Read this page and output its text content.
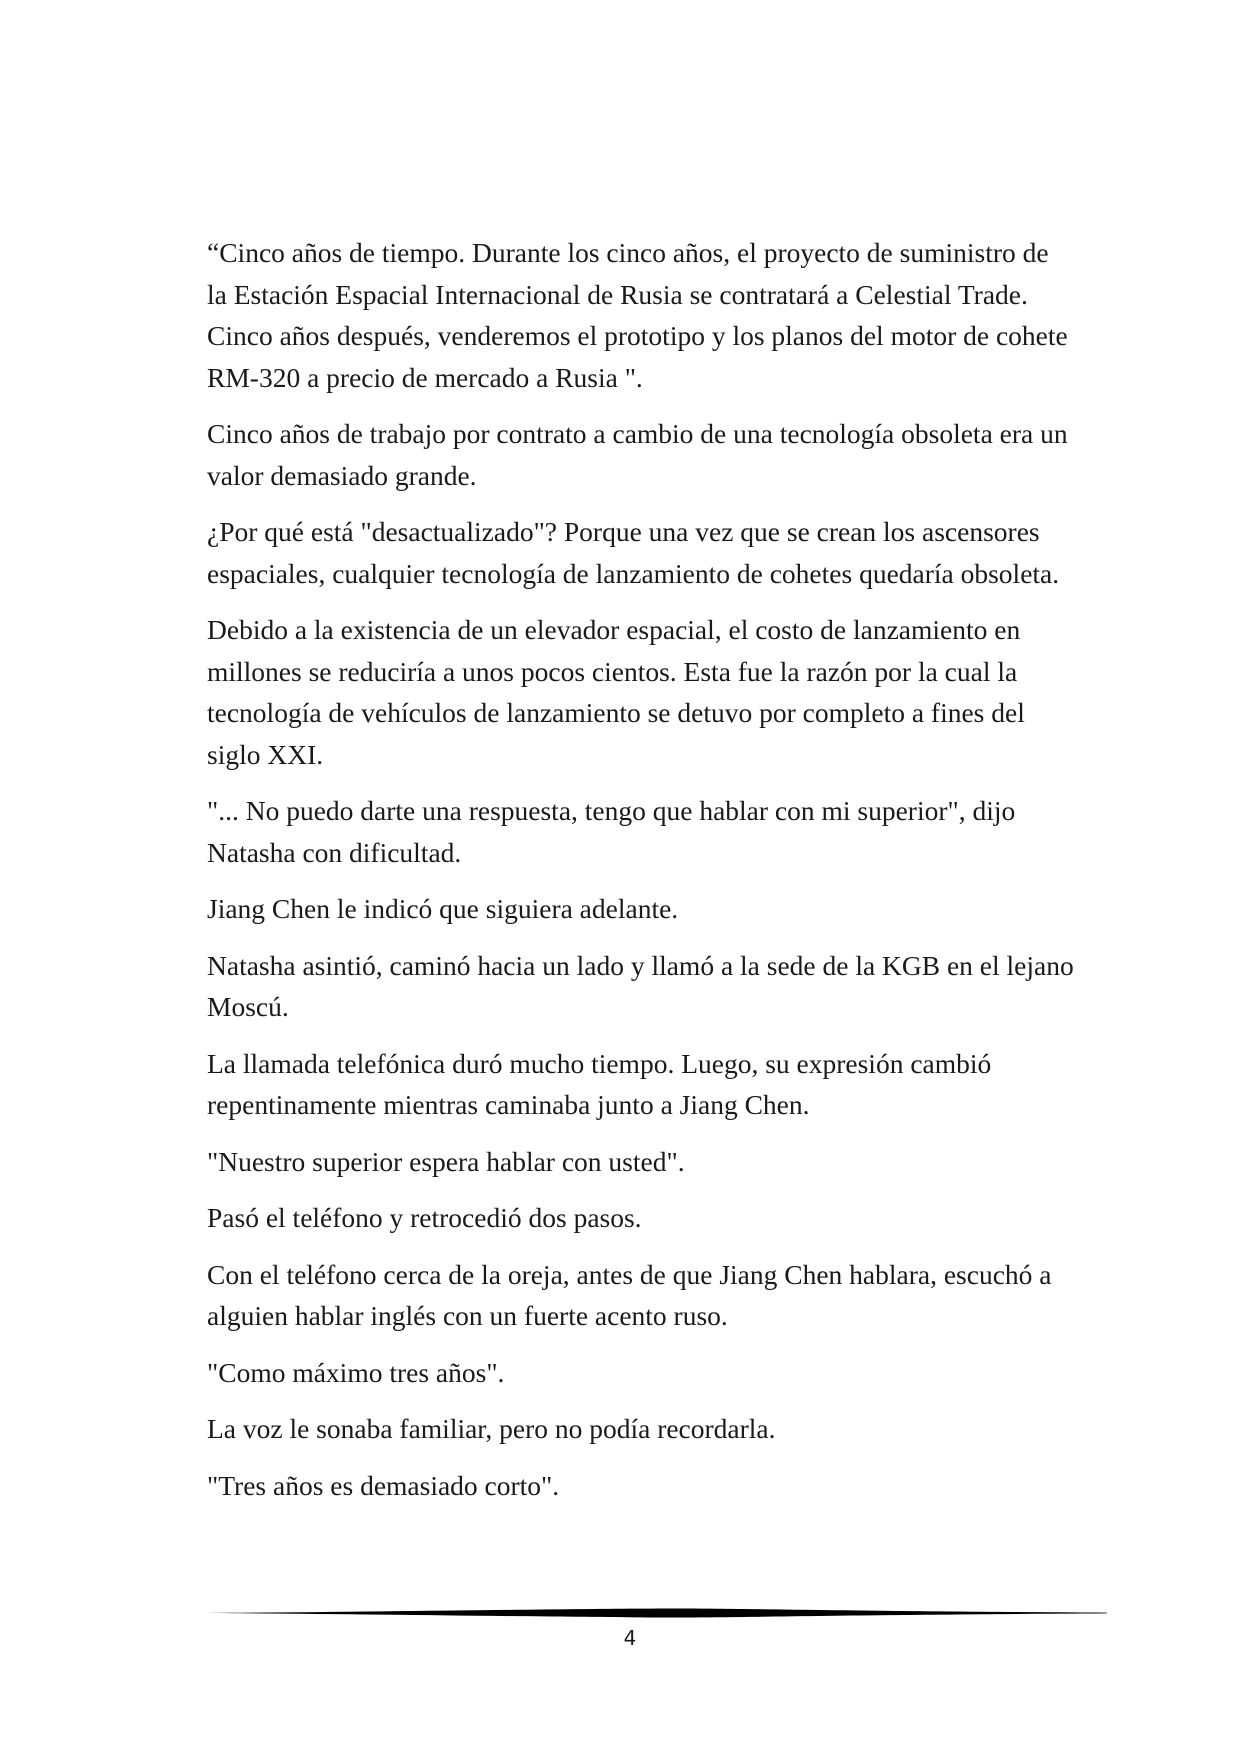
“Cinco años de tiempo. Durante los cinco años, el proyecto de suministro de la Estación Espacial Internacional de Rusia se contratará a Celestial Trade. Cinco años después, venderemos el prototipo y los planos del motor de cohete RM-320 a precio de mercado a Rusia ".

Cinco años de trabajo por contrato a cambio de una tecnología obsoleta era un valor demasiado grande.

¿Por qué está "desactualizado"? Porque una vez que se crean los ascensores espaciales, cualquier tecnología de lanzamiento de cohetes quedaría obsoleta.

Debido a la existencia de un elevador espacial, el costo de lanzamiento en millones se reduciría a unos pocos cientos. Esta fue la razón por la cual la tecnología de vehículos de lanzamiento se detuvo por completo a fines del siglo XXI.

"... No puedo darte una respuesta, tengo que hablar con mi superior", dijo Natasha con dificultad.

Jiang Chen le indicó que siguiera adelante.

Natasha asintió, caminó hacia un lado y llamó a la sede de la KGB en el lejano Moscú.

La llamada telefónica duró mucho tiempo. Luego, su expresión cambió repentinamente mientras caminaba junto a Jiang Chen.

"Nuestro superior espera hablar con usted".

Pasó el teléfono y retrocedió dos pasos.

Con el teléfono cerca de la oreja, antes de que Jiang Chen hablara, escuchó a alguien hablar inglés con un fuerte acento ruso.

"Como máximo tres años".

La voz le sonaba familiar, pero no podía recordarla.

"Tres años es demasiado corto".

4
